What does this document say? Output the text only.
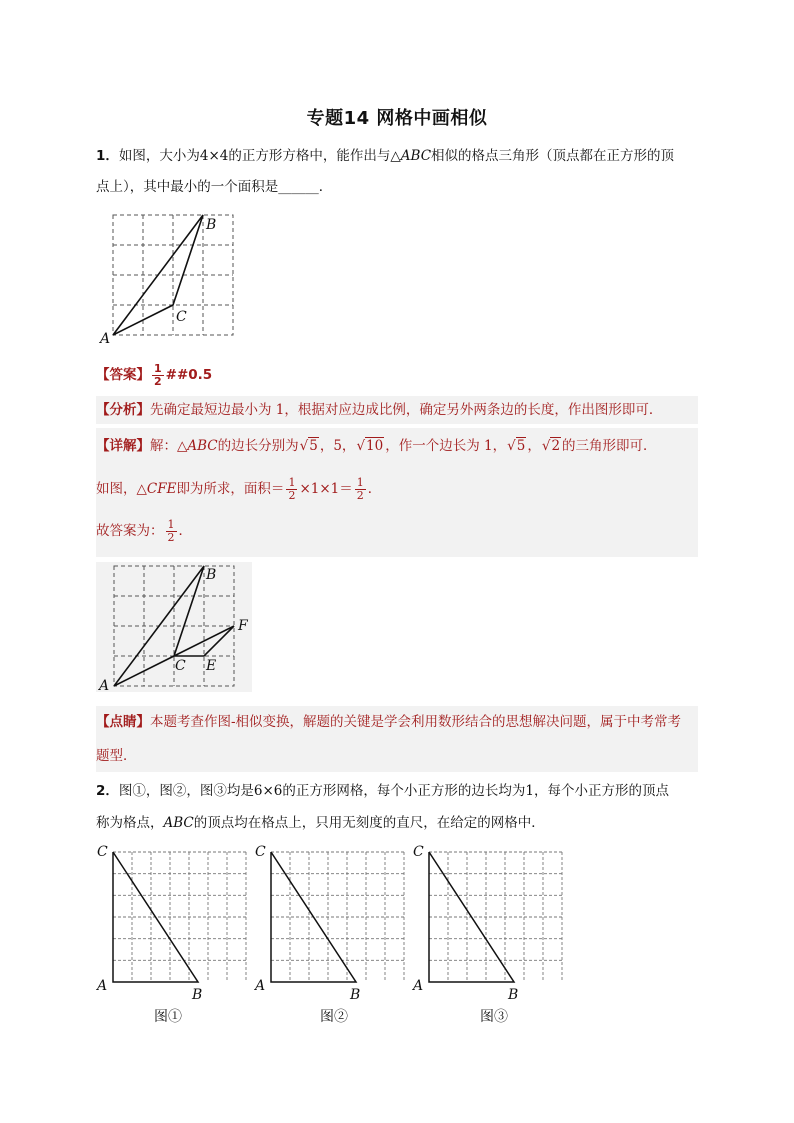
专题14 网格中画相似
1．如图，大小为4×4的正方形方格中，能作出与△ABC相似的格点三角形（顶点都在正方形的顶
点上），其中最小的一个面积是______．
A
B
C
【答案】 $\frac{1}{2}$ ##0.5
【分析】先确定最短边最小为 1，根据对应边成比例，确定另外两条边的长度，作出图形即可．
【详解】 解： △ABC 的边长分别为 √5 ，5， √10 ，作一个边长为 1， √5 ， √2 的三角形即可．
如图， △CFE 即为所求，面积＝ $\frac{1}{2} \times 1\times 1= \frac{1}{2}$ ．
故答案为： $\frac{1}{2}$ ．
A
B
C E
F
【点睛】本题考查作图-相似变换，解题的关键是学会利用数形结合的思想解决问题，属于中考常考
题型．
2．图①，图②，图③均是6×6的正方形网格，每个小正方形的边长均为1，每个小正方形的顶点
称为格点，ABC的顶点均在格点上，只用无刻度的直尺，在给定的网格中．
C
A
B
图①
C
A
B
图②
C
A
B
图③
